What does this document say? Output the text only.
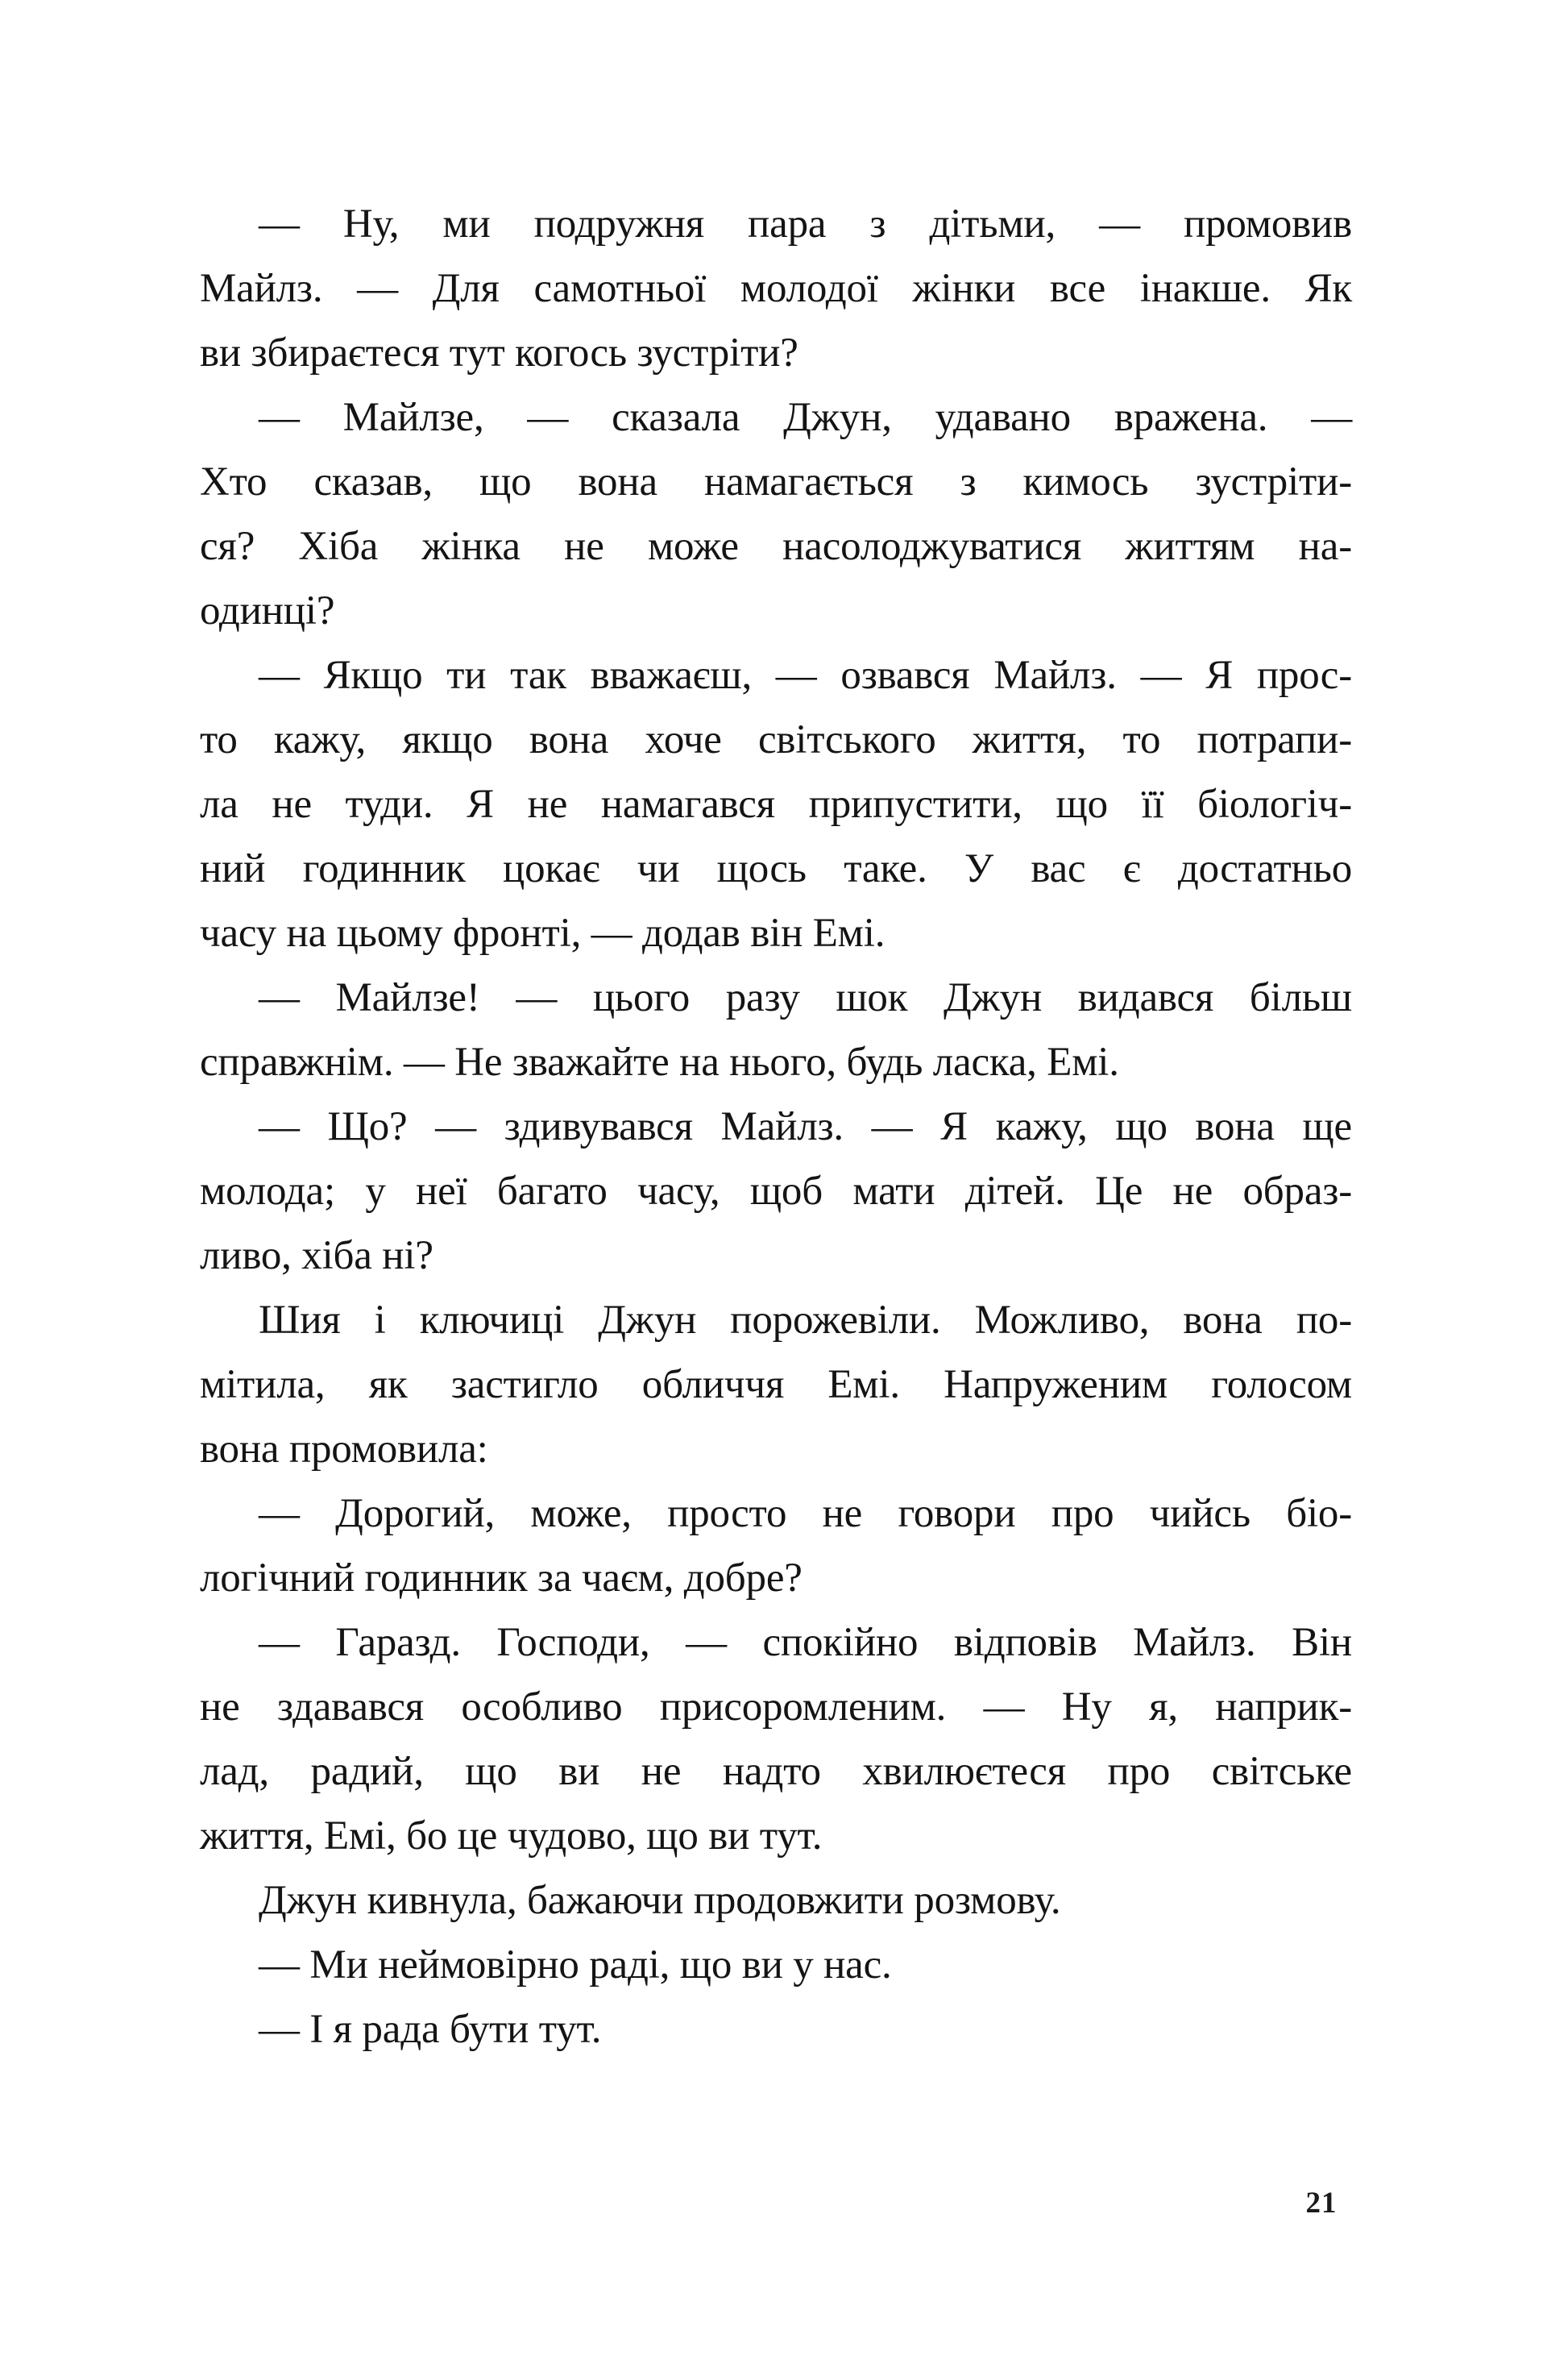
— Ну, ми подружня пара з дітьми, — промовив
Майлз. — Для самотньої молодої жінки все інакше. Як
ви збираєтеся тут когось зустріти?

— Майлзе, — сказала Джун, удавано вражена. —
Хто сказав, що вона намагається з кимось зустріти-
ся? Хіба жінка не може насолоджуватися життям на-
одинці?

— Якщо ти так вважаєш, — озвався Майлз. — Я прос-
то кажу, якщо вона хоче світського життя, то потрапи-
ла не туди. Я не намагався припустити, що її біологіч-
ний годинник цокає чи щось таке. У вас є достатньо
часу на цьому фронті, — додав він Емі.

— Майлзе! — цього разу шок Джун видався більш
справжнім. — Не зважайте на нього, будь ласка, Емі.

— Що? — здивувався Майлз. — Я кажу, що вона ще
молода; у неї багато часу, щоб мати дітей. Це не образ-
ливо, хіба ні?

Шия і ключиці Джун порожевіли. Можливо, вона по-
мітила, як застигло обличчя Емі. Напруженим голосом
вона промовила:

— Дорогий, може, просто не говори про чийсь біо-
логічний годинник за чаєм, добре?

— Гаразд. Господи, — спокійно відповів Майлз. Він
не здавався особливо присоромленим. — Ну я, наприк-
лад, радий, що ви не надто хвилюєтеся про світське
життя, Емі, бо це чудово, що ви тут.

Джун кивнула, бажаючи продовжити розмову.

— Ми неймовірно раді, що ви у нас.

— І я рада бути тут.

21
